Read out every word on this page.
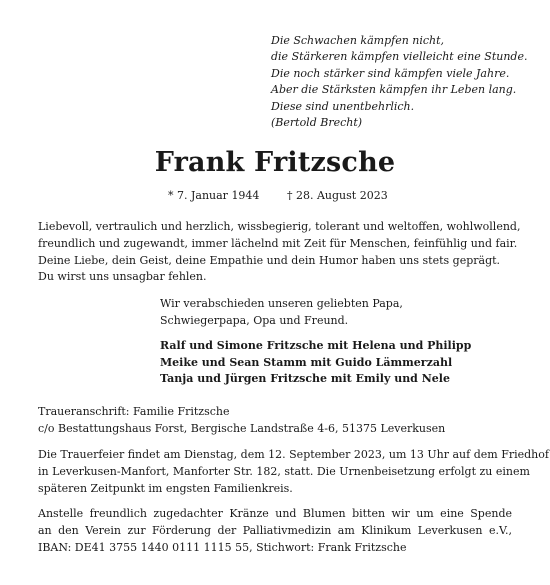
Die Schwachen kämpfen nicht,
die Stärkeren kämpfen vielleicht eine Stunde.
Die noch stärker sind kämpfen viele Jahre.
Aber die Stärksten kämpfen ihr Leben lang.
Diese sind unentbehrlich.
(Bertold Brecht)
Frank Fritzsche
* 7. Januar 1944	† 28. August 2023
Liebevoll, vertraulich und herzlich, wissbegierig, tolerant und weltoffen, wohlwollend,
freundlich und zugewandt, immer lächelnd mit Zeit für Menschen, feinfühlig und fair.
Deine Liebe, dein Geist, deine Empathie und dein Humor haben uns stets geprägt.
Du wirst uns unsagbar fehlen.
Wir verabschieden unseren geliebten Papa,
Schwiegerpapa, Opa und Freund.
Ralf und Simone Fritzsche mit Helena und Philipp
Meike und Sean Stamm mit Guido Lämmerzahl
Tanja und Jürgen Fritzsche mit Emily und Nele
Traueranschrift: Familie Fritzsche
c/o Bestattungshaus Forst, Bergische Landstraße 4-6, 51375 Leverkusen
Die Trauerfeier findet am Dienstag, dem 12. September 2023, um 13 Uhr auf dem Friedhof
in Leverkusen-Manfort, Manforter Str. 182, statt. Die Urnenbeisetzung erfolgt zu einem
späteren Zeitpunkt im engsten Familienkreis.
Anstelle freundlich zugedachter Kränze und Blumen bitten wir um eine Spende
an den Verein zur Förderung der Palliativmedizin am Klinikum Leverkusen e.V.,
IBAN: DE41 3755 1440 0111 1115 55, Stichwort: Frank Fritzsche
